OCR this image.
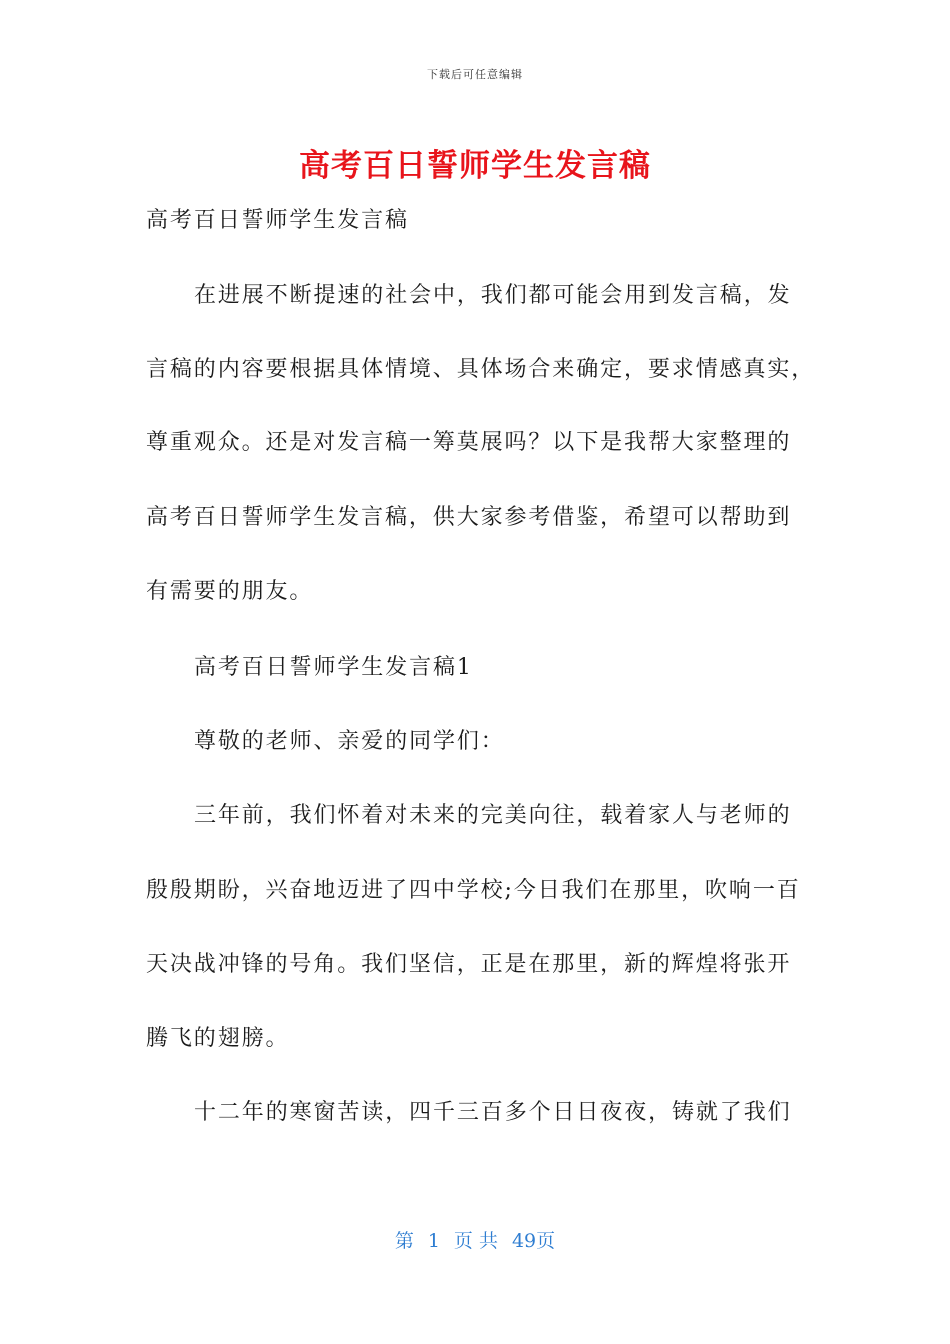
下载后可任意编辑
高考百日誓师学生发言稿
高考百日誓师学生发言稿
在进展不断提速的社会中，我们都可能会用到发言稿，发
言稿的内容要根据具体情境、具体场合来确定，要求情感真实，
尊重观众。还是对发言稿一筹莫展吗？以下是我帮大家整理的
高考百日誓师学生发言稿，供大家参考借鉴，希望可以帮助到
有需要的朋友。
高考百日誓师学生发言稿1
尊敬的老师、亲爱的同学们：
三年前，我们怀着对未来的完美向往，载着家人与老师的
殷殷期盼，兴奋地迈进了四中学校;今日我们在那里，吹响一百
天决战冲锋的号角。我们坚信，正是在那里，新的辉煌将张开
腾飞的翅膀。
十二年的寒窗苦读，四千三百多个日日夜夜，铸就了我们
第 1 页 共 49页
